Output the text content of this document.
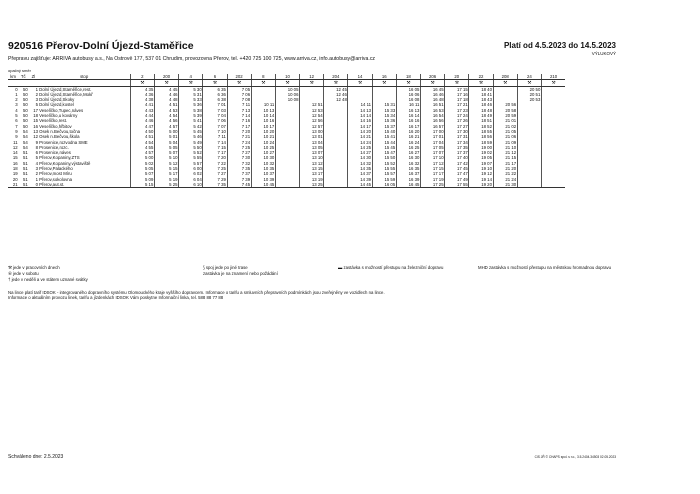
920516 Přerov-Dolní Újezd-Staměřice	Platí od 4.5.2023 do 14.5.2023
VÝLUKOVÝ
Přepravu zajišťuje: ARRIVA autobusy a.s., Na Ostrově 177, 537 01 Chrudim, provozovna Přerov, tel. +420 725 100 725, www.arriva.cz, info.autobusy@arriva.cz
opačný směr
km	Tč	Zl	stop	2	200	4	6	202	8	10	12	204	14	16	18	206	20	22	208	24	210
				⚒	⚒	⚒	⚒	⚒	⚒	⚒	⚒	⚒	⚒	⚒	⚒	⚒	⚒	⚒	⚒	⚒	⚒
0	50	1	Dolní Újezd,Staměřice,rest.	4 35	4 45	5 30	6 35	7 05		10 05		12 45			16 05	16 45	17 15	18 40		20 50	
1	50	2	Dolní Újezd,Staměřice,Mokř	4 36	4 46	5 31	6 36	7 06		10 06		12 46			16 06	16 46	17 16	18 41		20 51	
2	50	3	Dolní Újezd,Skoky	4 38	4 48	5 33	6 38	7 08		10 08		12 48			16 08	16 48	17 18	18 43		20 53	
3	50	5	Dolní Újezd,kostel	4 41	4 51	5 36	7 01	7 11	10 11		12 51		14 11	15 31	16 11	16 51	17 21	18 46	20 56		
4	50	17	Veselíčko,Tupec,náves	4 43	4 53	5 38	7 03	7 13	10 13		12 53		14 13	15 33	16 13	16 53	17 23	18 48	20 58		
5	50	18	Veselíčko,u kovárny	4 44	4 54	5 39	7 04	7 14	10 14		12 54		14 14	15 34	16 14	16 54	17 24	18 49	20 59		
6	50	15	Veselíčko,rest.	4 46	4 56	5 41	7 06	7 16	10 16		12 56		14 16	15 36	16 16	16 56	17 26	18 51	21 01		
7	50	16	Veselíčko,hřbitov	4 47	4 57	5 42	7 07	7 17	10 17		12 57		14 17	15 37	16 17	16 57	17 27	18 52	21 02		
9	54	13	Osek n.Bečvou,točna	4 50	5 00	5 45	7 10	7 20	10 20		13 00		14 20	15 40	16 20	17 00	17 30	18 55	21 05		
9	54	12	Osek n.Bečvou,škola	4 51	5 01	5 46	7 11	7 21	10 21		13 01		14 21	15 41	16 21	17 01	17 31	18 56	21 06		
11	54	9	Prosenice,rozvodna SME	4 54	5 04	5 49	7 14	7 24	10 24		13 04		14 24	15 44	16 24	17 04	17 34	18 59	21 09		
12	54	8	Prosenice,rozc.	4 55	5 05	5 50	7 15	7 25	10 25		13 05		14 25	15 45	16 25	17 05	17 35	19 00	21 10		
14	51	6	Prosenice,náves	4 57	5 07	5 52	7 17	7 27	10 27		13 07		14 27	15 47	16 27	17 07	17 37	19 02	21 12		
15	51	5	Přerov,Kopaniny,ZTS	5 00	5 10	5 55	7 20	7 30	10 30		13 10		14 30	15 50	16 30	17 10	17 40	19 05	21 15		
16	51	4	Přerov,Kopaniny,výstaviště	5 02	5 12	5 57	7 22	7 32	10 32		13 12		14 32	15 52	16 32	17 12	17 42	19 07	21 17		
18	51	3	Přerov,Palackého	5 05	5 15	6 00	7 25	7 35	10 35		13 15		14 35	15 55	16 35	17 15	17 45	19 10	21 20		
19	51	2	Přerov,most Míru	5 07	5 17	6 02	7 27	7 37	10 37		13 17		14 37	15 57	16 37	17 17	17 47	19 12	21 22		
20	51	1	Přerov,sokolovna	5 09	5 19	6 04	7 29	7 39	10 39		13 19		14 39	15 59	16 39	17 19	17 49	19 14	21 24		
21	51	0	Přerov,aut.st.	5 15	5 25	6 10	7 35	7 45	10 45		13 25		14 45	16 05	16 45	17 25	17 55	19 20	21 30		
⚒ jede v pracovních dnech
⑥ jede v sobotu
† jede v neděli a ve státem uznané svátky
⟆ spoj jede po jiné trase
zastávka je na znamení nebo požádání
▬ zastávka s možností přestupu na železniční dopravu	MHD zastávka s možností přestupu na městskou hromadnou dopravu
Na lince platí tarif IDSOK - integrovaného dopravního systému Olomouckého kraje vyššího dopravcem. Informace o tarifu a smluvních přepravních podmínkách jsou zveřejněny ve vozidlech na lince.
Informace o aktuálním provozu linek, tarifu a jízdenkách IDSOK Vám poskytne Informační linka, tel. 588 88 77 88
Schváleno dne: 2.5.2023	CIS JŘ © CHAPS spol. s r.o., 3.5.2404.34503 02.05.2023
